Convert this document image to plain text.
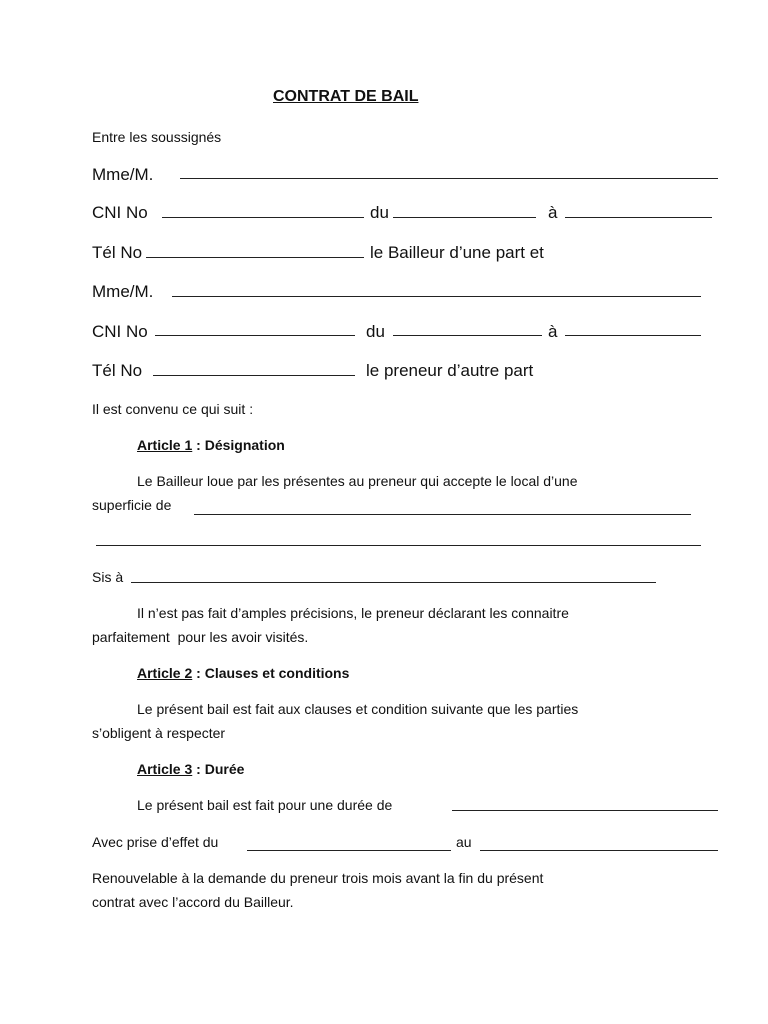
CONTRAT DE BAIL
Entre les soussignés
Mme/M.
CNI No	du	à
Tél No	le Bailleur d’une part et
Mme/M.
CNI No	du	à
Tél No	le preneur d’autre part
Il est convenu ce qui suit :
Article 1 : Désignation
Le Bailleur loue par les présentes au preneur qui accepte le local d’une
superficie de
Sis à
Il n’est pas fait d’amples précisions, le preneur déclarant les connaitre
parfaitement  pour les avoir visités.
Article 2 : Clauses et conditions
Le présent bail est fait aux clauses et condition suivante que les parties
s’obligent à respecter
Article 3 : Durée
Le présent bail est fait pour une durée de
Avec prise d’effet du	au
Renouvelable à la demande du preneur trois mois avant la fin du présent
contrat avec l’accord du Bailleur.
